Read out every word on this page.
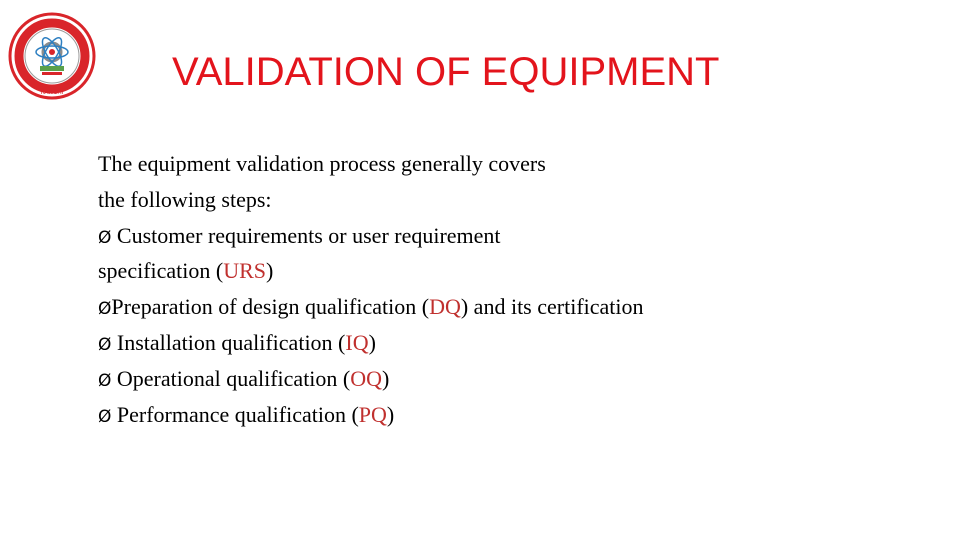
RANCHI	VALIDATION OF EQUIPMENT
The equipment validation process generally covers
the following steps:
Ø Customer requirements or user requirement
specification (URS)
ØPreparation of design qualification (DQ) and its certification
Ø Installation qualification (IQ)
Ø Operational qualification (OQ)
Ø Performance qualification (PQ)
